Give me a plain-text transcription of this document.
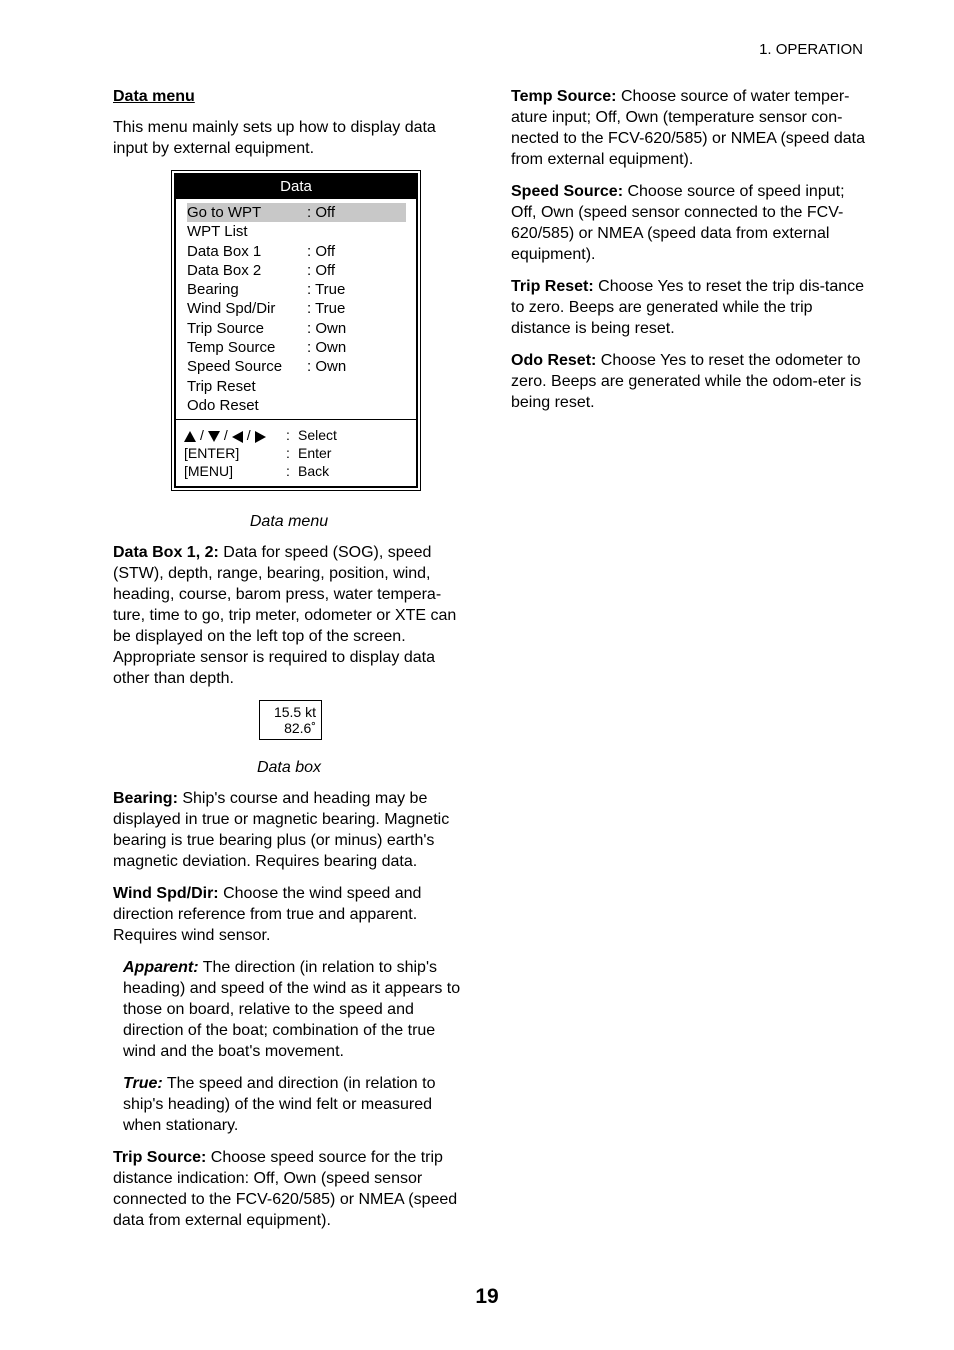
1. OPERATION
Data menu

This menu mainly sets up how to display data input by external equipment.

Data
Go to WPT	: Off
WPT List
Data Box 1	: Off
Data Box 2	: Off
Bearing	: True
Wind Spd/Dir	: True
Trip Source	: Own
Temp Source	: Own
Speed Source	: Own
Trip Reset
Odo Reset
/ / /	: Select
[ENTER]	: Enter
[MENU]	: Back
Data menu

Data Box 1, 2: Data for speed (SOG), speed (STW), depth, range, bearing, position, wind, heading, course, barom press, water tempera-ture, time to go, trip meter, odometer or XTE can be displayed on the left top of the screen. Appropriate sensor is required to display data other than depth.

15.5 kt
82.6˚
Data box

Bearing: Ship's course and heading may be displayed in true or magnetic bearing. Magnetic bearing is true bearing plus (or minus) earth's magnetic deviation. Requires bearing data.

Wind Spd/Dir: Choose the wind speed and direction reference from true and apparent. Requires wind sensor.

Apparent: The direction (in relation to ship's heading) and speed of the wind as it appears to those on board, relative to the speed and direction of the boat; combination of the true wind and the boat's movement.

True: The speed and direction (in relation to ship's heading) of the wind felt or measured when stationary.

Trip Source: Choose speed source for the trip distance indication: Off, Own (speed sensor connected to the FCV-620/585) or NMEA (speed data from external equipment).

Temp Source: Choose source of water temper-ature input; Off, Own (temperature sensor con-nected to the FCV-620/585) or NMEA (speed data from external equipment).

Speed Source: Choose source of speed input; Off, Own (speed sensor connected to the FCV-620/585) or NMEA (speed data from external equipment).

Trip Reset: Choose Yes to reset the trip dis-tance to zero. Beeps are generated while the trip distance is being reset.

Odo Reset: Choose Yes to reset the odometer to zero. Beeps are generated while the odom-eter is being reset.

19
